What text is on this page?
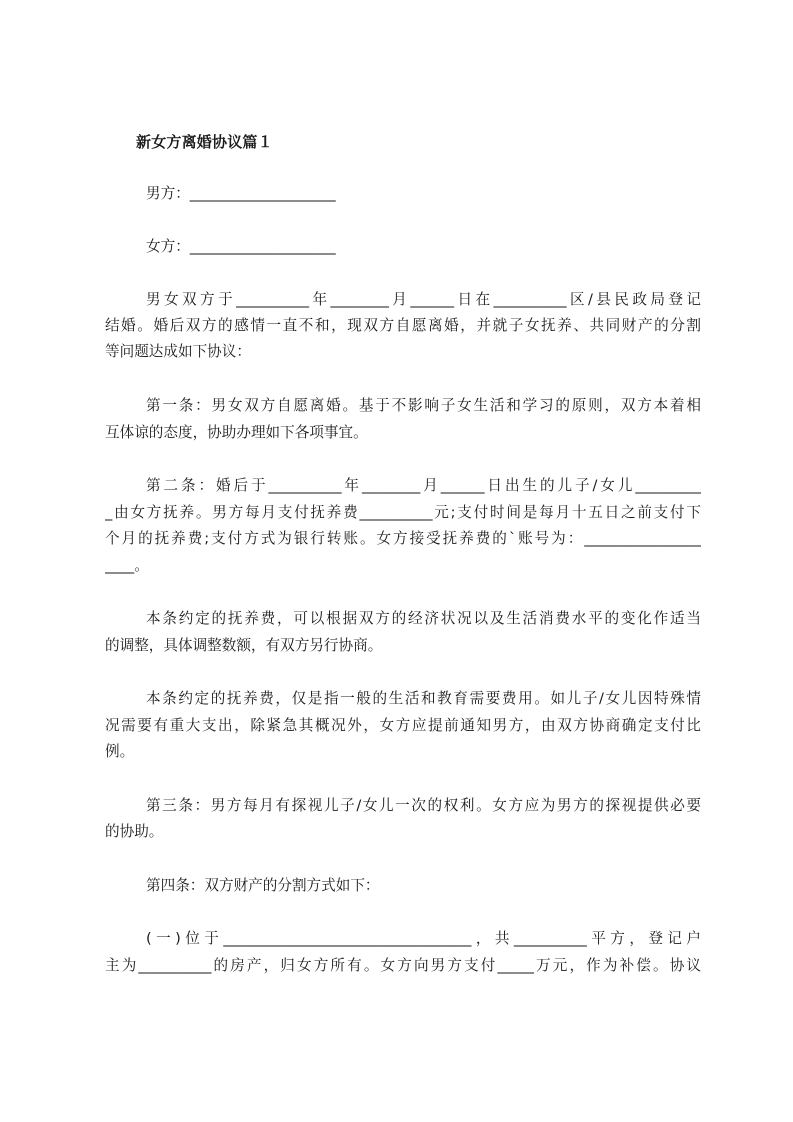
新女方离婚协议篇１
男方：____________________
女方：____________________
男女双方于__________年________月______日在__________区/县民政局登记
结婚。婚后双方的感情一直不和，现双方自愿离婚，并就子女抚养、共同财产的分割
等问题达成如下协议：
第一条：男女双方自愿离婚。基于不影响子女生活和学习的原则，双方本着相
互体谅的态度，协助办理如下各项事宜。
第二条：婚后于__________年________月______日出生的儿子/女儿_________
_由女方抚养。男方每月支付抚养费__________元;支付时间是每月十五日之前支付下
个月的抚养费;支付方式为银行转账。女方接受抚养费的`账号为：________________
____。
本条约定的抚养费，可以根据双方的经济状况以及生活消费水平的变化作适当
的调整，具体调整数额，有双方另行协商。
本条约定的抚养费，仅是指一般的生活和教育需要费用。如儿子/女儿因特殊情
况需要有重大支出，除紧急其概况外，女方应提前通知男方，由双方协商确定支付比
例。
第三条：男方每月有探视儿子/女儿一次的权利。女方应为男方的探视提供必要
的协助。
第四条：双方财产的分割方式如下：
(一)位于__________________________________，共__________平方，登记户
主为__________的房产，归女方所有。女方向男方支付_____万元，作为补偿。协议
